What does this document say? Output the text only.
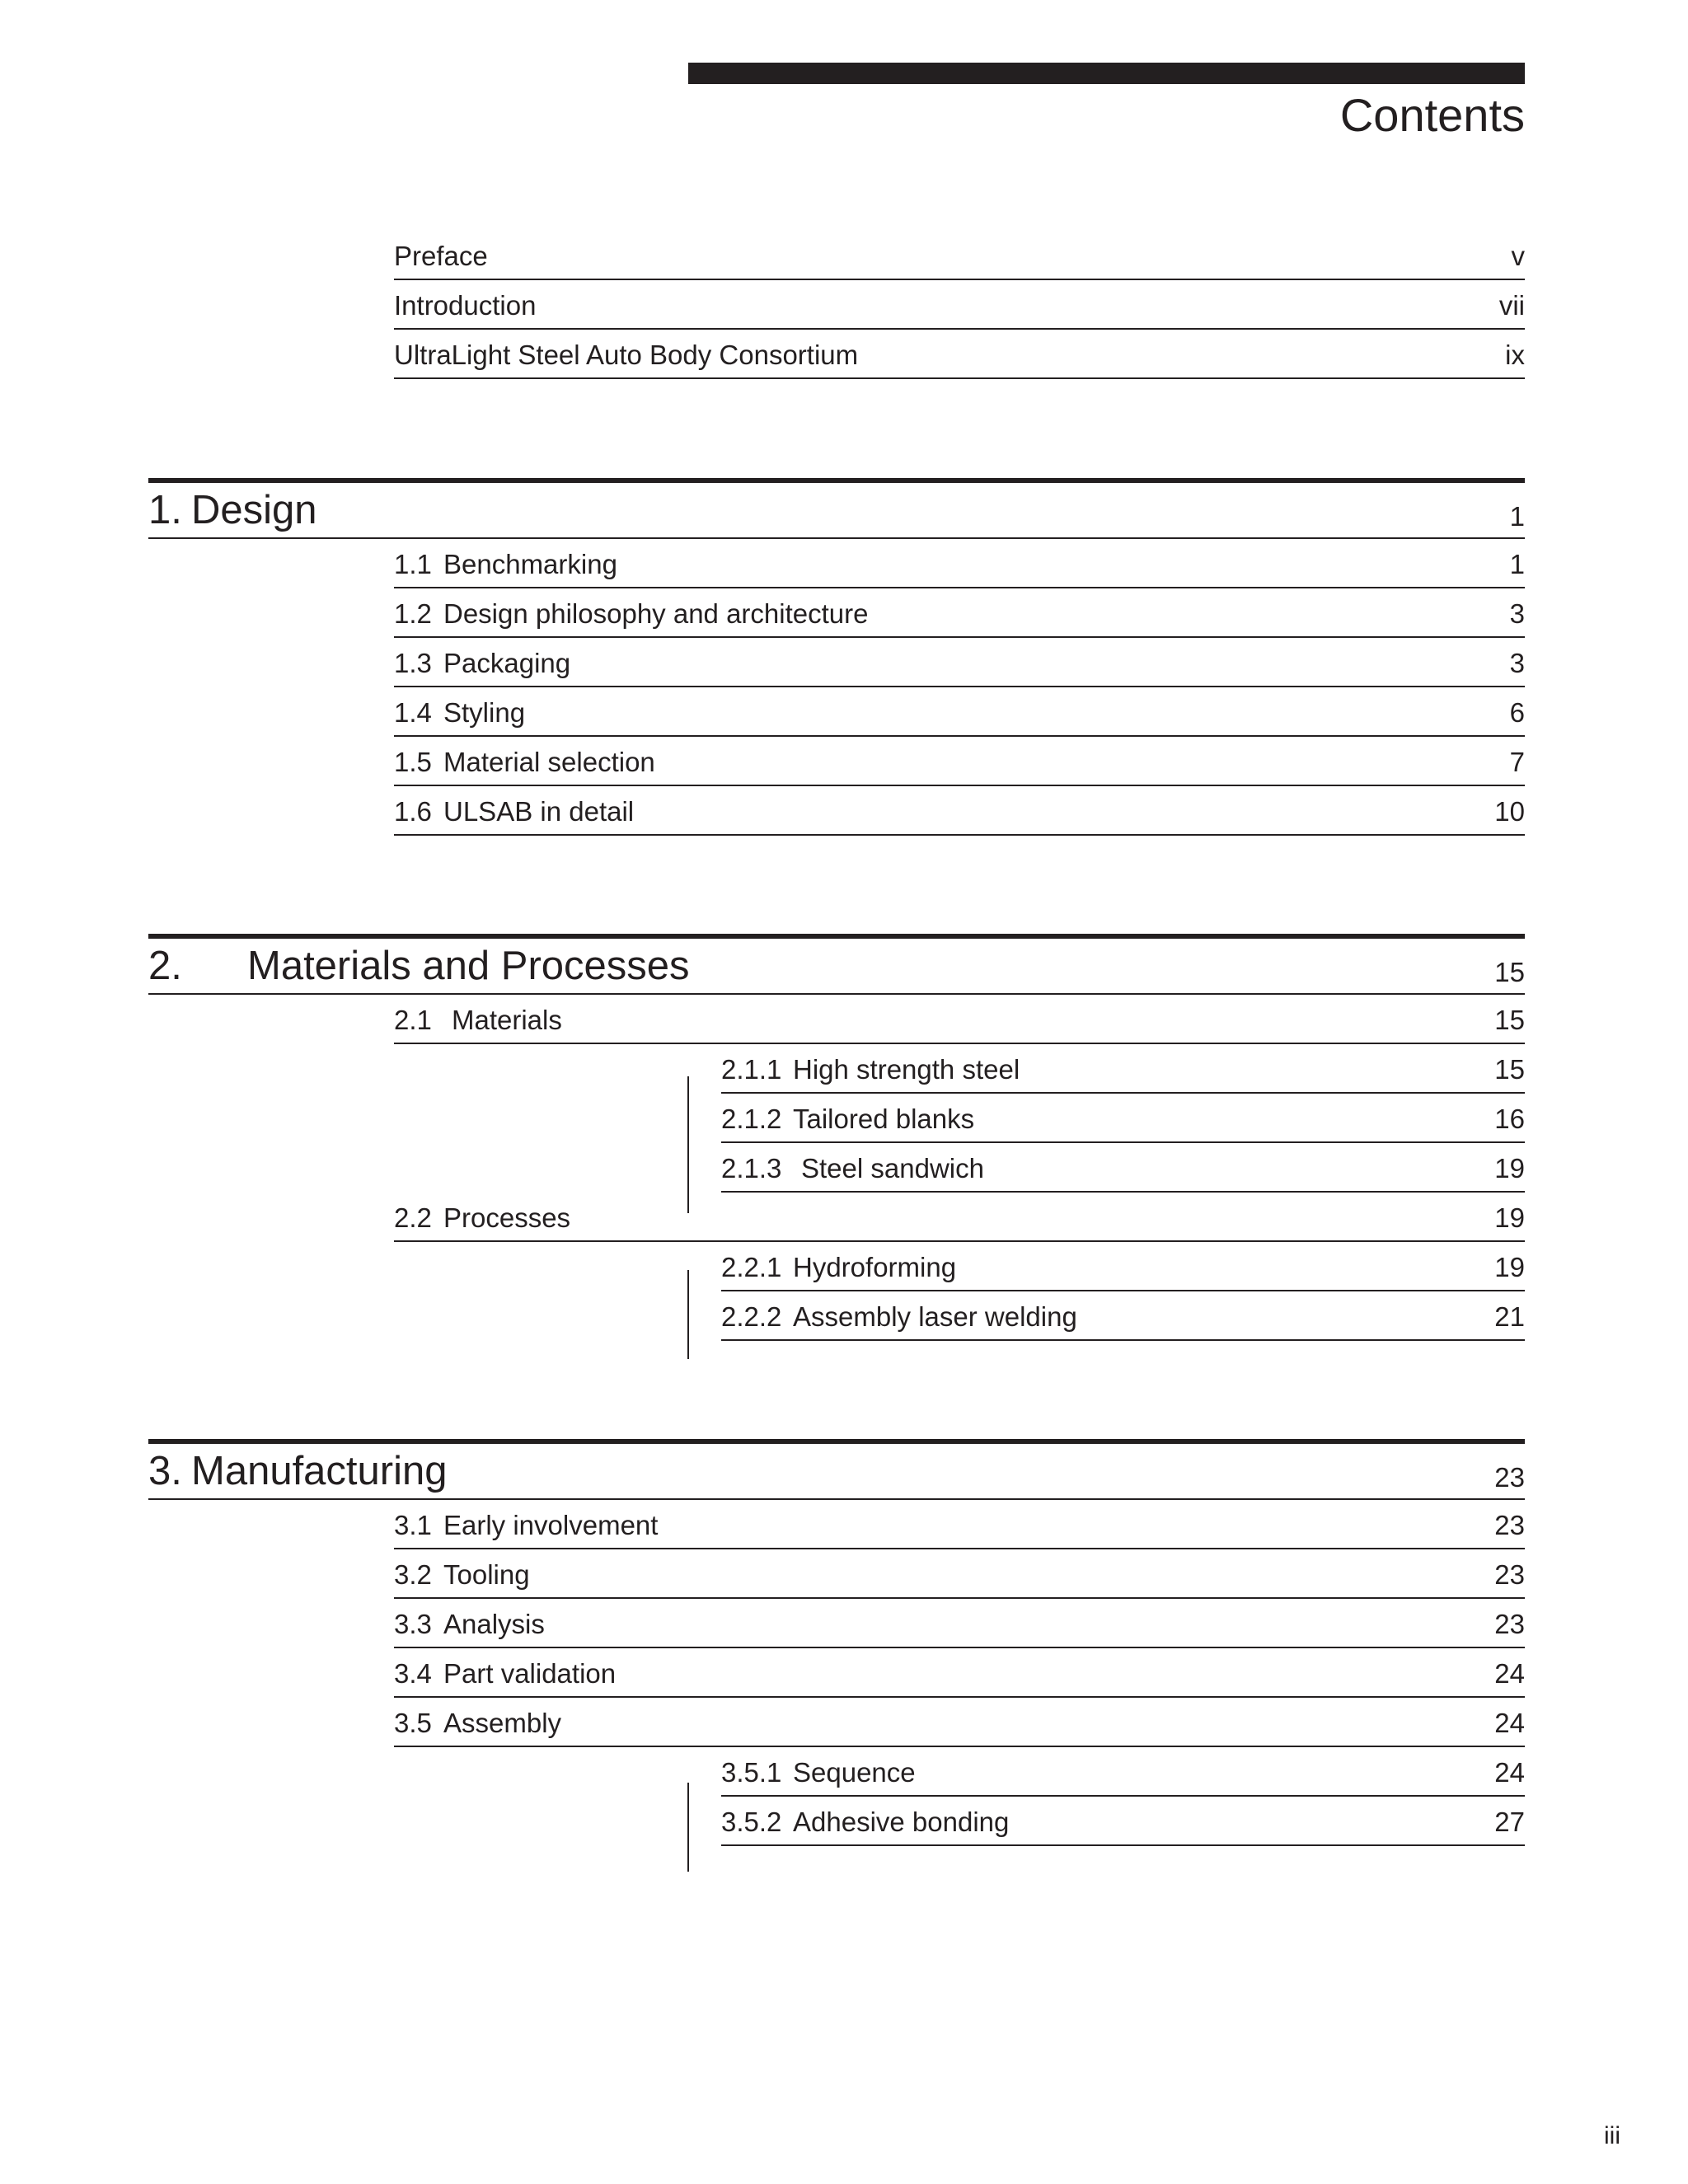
Contents
Preface	v
Introduction	vii
UltraLight Steel Auto Body Consortium	ix
1. Design	1
1.1 Benchmarking	1
1.2 Design philosophy and architecture	3
1.3 Packaging	3
1.4 Styling	6
1.5 Material selection	7
1.6 ULSAB in detail	10
2. Materials and Processes	15
2.1 Materials	15
2.1.1 High strength steel	15
2.1.2 Tailored blanks	16
2.1.3 Steel sandwich	19
2.2 Processes	19
2.2.1 Hydroforming	19
2.2.2 Assembly laser welding	21
3. Manufacturing	23
3.1 Early involvement	23
3.2 Tooling	23
3.3 Analysis	23
3.4 Part validation	24
3.5 Assembly	24
3.5.1 Sequence	24
3.5.2 Adhesive bonding	27
iii
